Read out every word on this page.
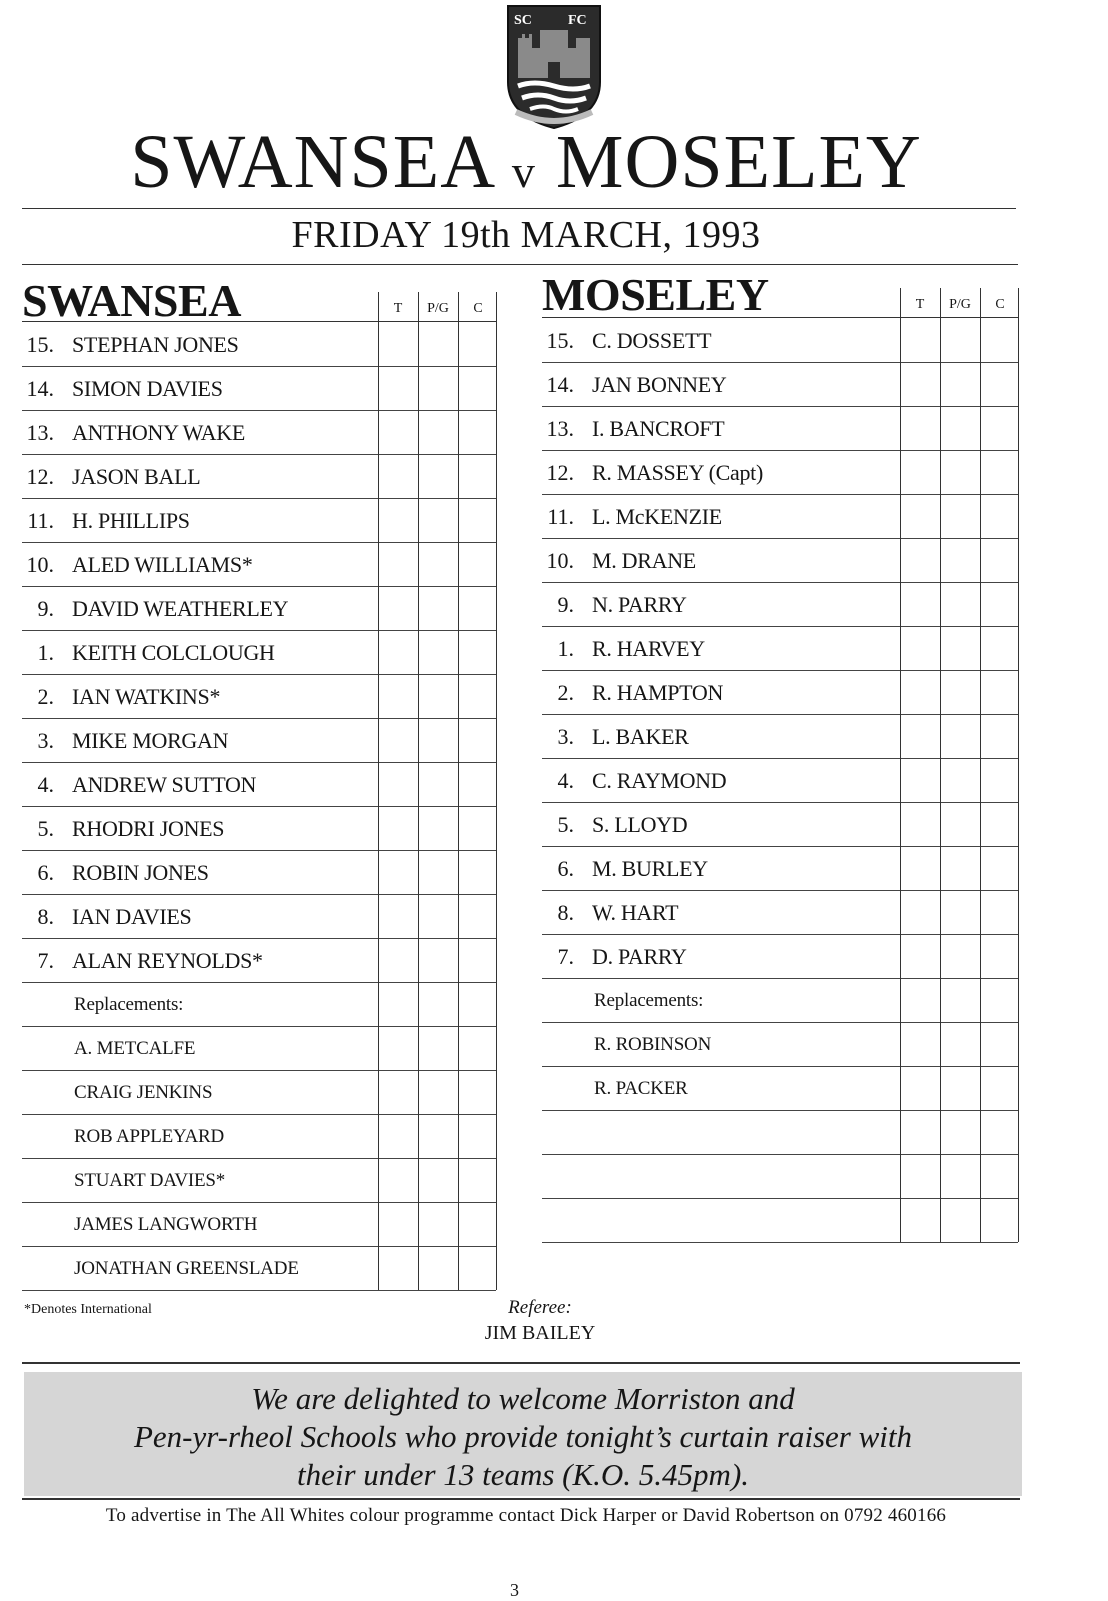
SC	FC
SWANSEA v MOSELEY
FRIDAY 19th MARCH, 1993
SWANSEA	T	P/G	C
15. STEPHAN JONES
14. SIMON DAVIES
13. ANTHONY WAKE
12. JASON BALL
11. H. PHILLIPS
10. ALED WILLIAMS*
9. DAVID WEATHERLEY
1. KEITH COLCLOUGH
2. IAN WATKINS*
3. MIKE MORGAN
4. ANDREW SUTTON
5. RHODRI JONES
6. ROBIN JONES
8. IAN DAVIES
7. ALAN REYNOLDS*
Replacements:
A. METCALFE
CRAIG JENKINS
ROB APPLEYARD
STUART DAVIES*
JAMES LANGWORTH
JONATHAN GREENSLADE
MOSELEY	T	P/G	C
15. C. DOSSETT
14. JAN BONNEY
13. I. BANCROFT
12. R. MASSEY (Capt)
11. L. McKENZIE
10. M. DRANE
9. N. PARRY
1. R. HARVEY
2. R. HAMPTON
3. L. BAKER
4. C. RAYMOND
5. S. LLOYD
6. M. BURLEY
8. W. HART
7. D. PARRY
Replacements:
R. ROBINSON
R. PACKER
*Denotes International	Referee:
JIM BAILEY
We are delighted to welcome Morriston and
Pen-yr-rheol Schools who provide tonight’s curtain raiser with
their under 13 teams (K.O. 5.45pm).
To advertise in The All Whites colour programme contact Dick Harper or David Robertson on 0792 460166
3
